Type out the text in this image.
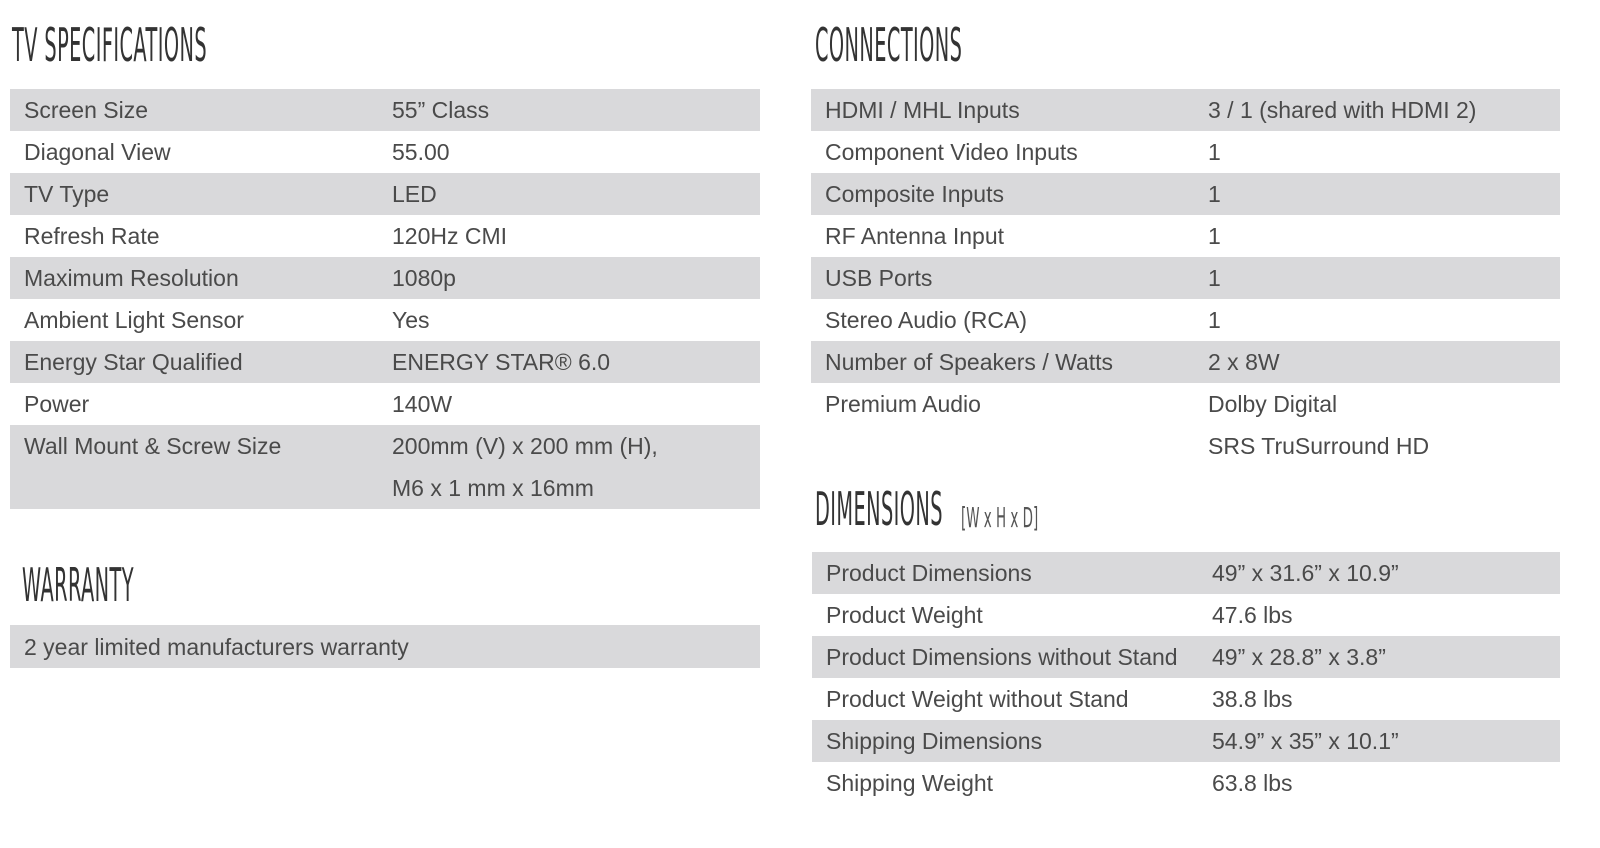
TV SPECIFICATIONS
Screen Size	55” Class
Diagonal View	55.00
TV Type	LED
Refresh Rate	120Hz CMI
Maximum Resolution	1080p
Ambient Light Sensor	Yes
Energy Star Qualified	ENERGY STAR® 6.0
Power	140W

Wall Mount & Screw Size	200mm (V) x 200 mm (H),
M6 x 1 mm x 16mm
WARRANTY
2 year limited manufacturers warranty
CONNECTIONS
HDMI / MHL Inputs	3 / 1 (shared with HDMI 2)
Component Video Inputs	1
Composite Inputs	1
RF Antenna Input	1
USB Ports	1
Stereo Audio (RCA)	1
Number of Speakers / Watts	2 x 8W

Premium Audio	Dolby Digital
SRS TruSurround HD
DIMENSIONS [W x H x D]
Product Dimensions	49” x 31.6” x 10.9”
Product Weight	47.6 lbs
Product Dimensions without Stand	49” x 28.8” x 3.8”
Product Weight without Stand	38.8 lbs
Shipping Dimensions	54.9” x 35” x 10.1”
Shipping Weight	63.8 lbs
